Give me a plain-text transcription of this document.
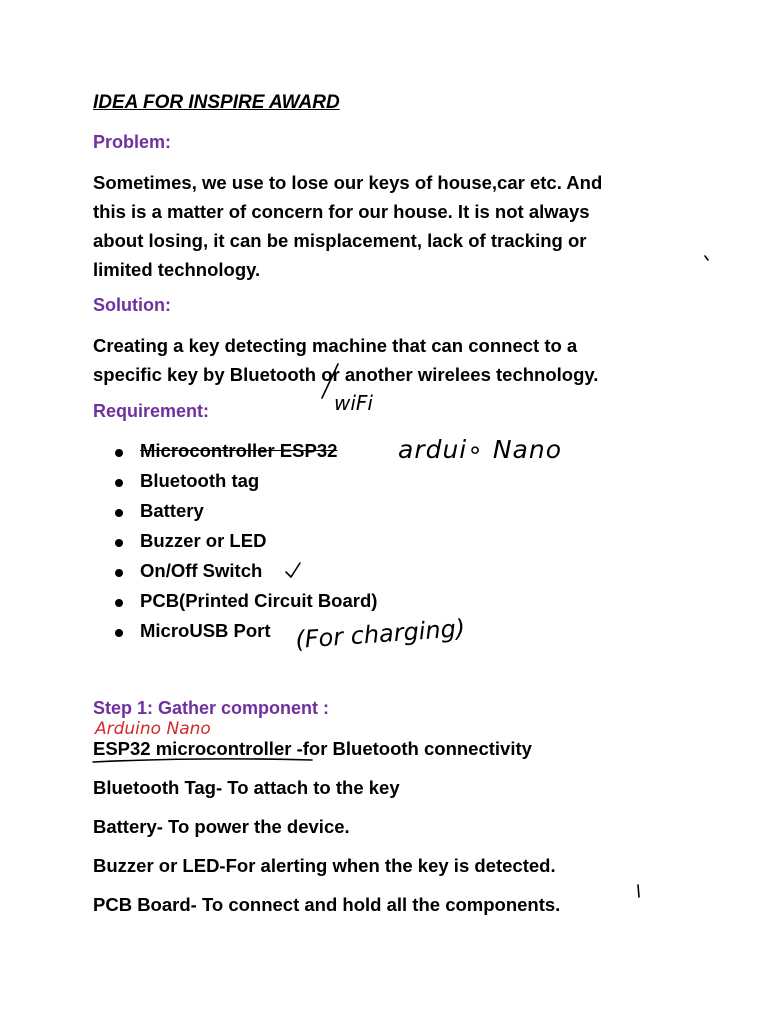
IDEA FOR INSPIRE AWARD
Problem:
Sometimes, we use to lose our keys of house,car etc. And
this is a matter of concern for our house. It is not always
about losing, it can be misplacement, lack of tracking or
limited technology.
Solution:
Creating a key detecting machine that can connect to a
specific key by Bluetooth or another wirelees technology.
Requirement:
Microcontroller ESP32
Bluetooth tag
Battery
Buzzer or LED
On/Off Switch
PCB(Printed Circuit Board)
MicroUSB Port
Step 1: Gather component :
ESP32 microcontroller -for Bluetooth connectivity
Bluetooth Tag- To attach to the key
Battery- To power the device.
Buzzer or LED-For alerting when the key is detected.
PCB Board- To connect and hold all the components.
wiFi
ardui∘ Nano
(For charging)
Arduino Nano
